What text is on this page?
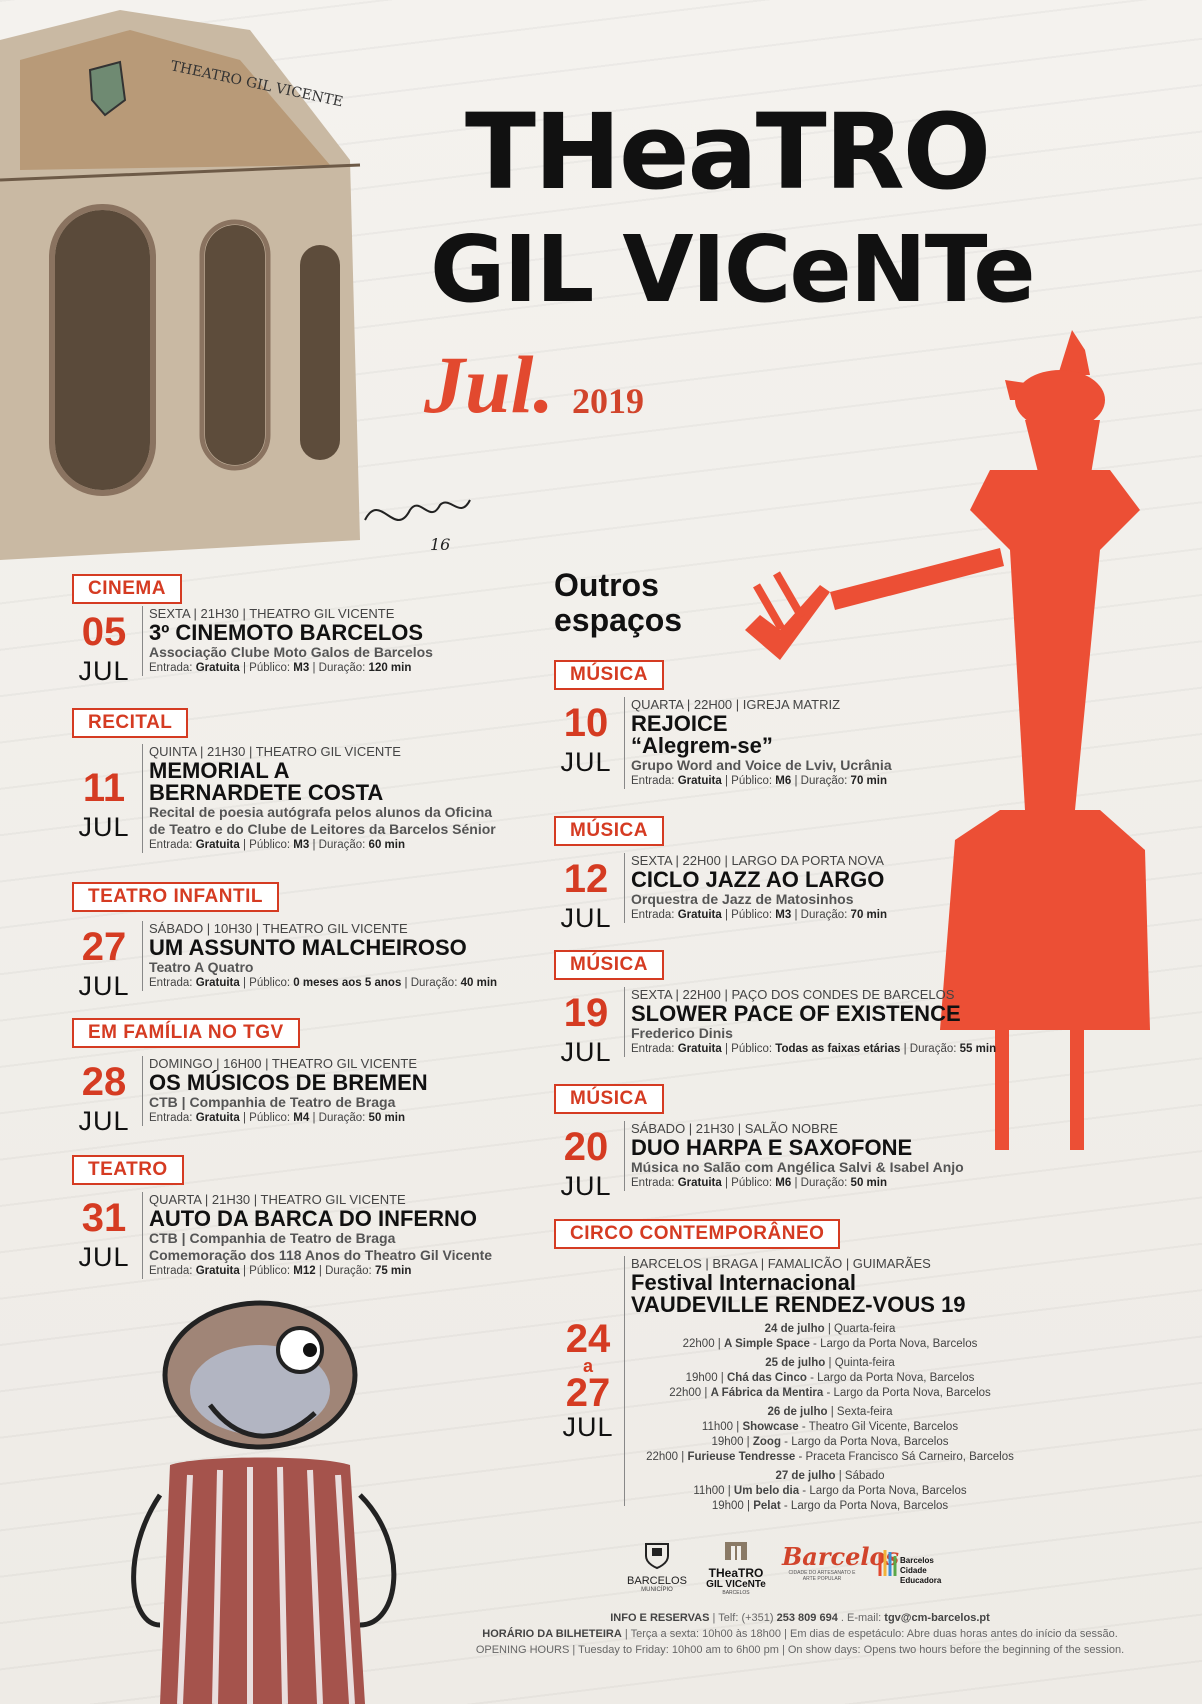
THEATRO GIL VICENTE
16
THeaTRO
GIL VICeNTe
Jul. 2019
CINEMA
05
JUL
SEXTA | 21H30 | THEATRO GIL VICENTE
3º CINEMOTO BARCELOS
Associação Clube Moto Galos de Barcelos
Entrada: Gratuita | Público: M3 | Duração: 120 min
RECITAL
11
JUL
QUINTA | 21H30 | THEATRO GIL VICENTE
MEMORIAL A
BERNARDETE COSTA
Recital de poesia autógrafa pelos alunos da Oficina
de Teatro e do Clube de Leitores da Barcelos Sénior
Entrada: Gratuita | Público: M3 | Duração: 60 min
TEATRO INFANTIL
27
JUL
SÁBADO | 10H30 | THEATRO GIL VICENTE
UM ASSUNTO MALCHEIROSO
Teatro A Quatro
Entrada: Gratuita | Público: 0 meses aos 5 anos | Duração: 40 min
EM FAMÍLIA NO TGV
28
JUL
DOMINGO | 16H00 | THEATRO GIL VICENTE
OS MÚSICOS DE BREMEN
CTB | Companhia de Teatro de Braga
Entrada: Gratuita | Público: M4 | Duração: 50 min
TEATRO
31
JUL
QUARTA | 21H30 | THEATRO GIL VICENTE
AUTO DA BARCA DO INFERNO
CTB | Companhia de Teatro de Braga
Comemoração dos 118 Anos do Theatro Gil Vicente
Entrada: Gratuita | Público: M12 | Duração: 75 min
Outros
espaços
MÚSICA
10
JUL
QUARTA | 22H00 | IGREJA MATRIZ
REJOICE
“Alegrem-se”
Grupo Word and Voice de Lviv, Ucrânia
Entrada: Gratuita | Público: M6 | Duração: 70 min
MÚSICA
12
JUL
SEXTA | 22H00 | LARGO DA PORTA NOVA
CICLO JAZZ AO LARGO
Orquestra de Jazz de Matosinhos
Entrada: Gratuita | Público: M3 | Duração: 70 min
MÚSICA
19
JUL
SEXTA | 22H00 | PAÇO DOS CONDES DE BARCELOS
SLOWER PACE OF EXISTENCE
Frederico Dinis
Entrada: Gratuita | Público: Todas as faixas etárias | Duração: 55 min
MÚSICA
20
JUL
SÁBADO | 21H30 | SALÃO NOBRE
DUO HARPA E SAXOFONE
Música no Salão com Angélica Salvi & Isabel Anjo
Entrada: Gratuita | Público: M6 | Duração: 50 min
CIRCO CONTEMPORÂNEO
24
a
27
JUL
BARCELOS | BRAGA | FAMALICÃO | GUIMARÃES
Festival Internacional
VAUDEVILLE RENDEZ-VOUS 19
24 de julho | Quarta-feira
22h00 | A Simple Space - Largo da Porta Nova, Barcelos
25 de julho | Quinta-feira
19h00 | Chá das Cinco - Largo da Porta Nova, Barcelos
22h00 | A Fábrica da Mentira - Largo da Porta Nova, Barcelos
26 de julho | Sexta-feira
11h00 | Showcase - Theatro Gil Vicente, Barcelos
19h00 | Zoog - Largo da Porta Nova, Barcelos
22h00 | Furieuse Tendresse - Praceta Francisco Sá Carneiro, Barcelos
27 de julho | Sábado
11h00 | Um belo dia - Largo da Porta Nova, Barcelos
19h00 | Pelat - Largo da Porta Nova, Barcelos
BARCELOS
MUNICÍPIO
THeaTRO
GIL VICeNTe
BARCELOS
Barcelos
CIDADE DO ARTESANATO E ARTE POPULAR
Barcelos
Cidade Educadora
INFO E RESERVAS | Telf: (+351) 253 809 694 . E-mail: tgv@cm-barcelos.pt
HORÁRIO DA BILHETEIRA | Terça a sexta: 10h00 às 18h00 | Em dias de espetáculo: Abre duas horas antes do início da sessão.
OPENING HOURS | Tuesday to Friday: 10h00 am to 6h00 pm | On show days: Opens two hours before the beginning of the session.
